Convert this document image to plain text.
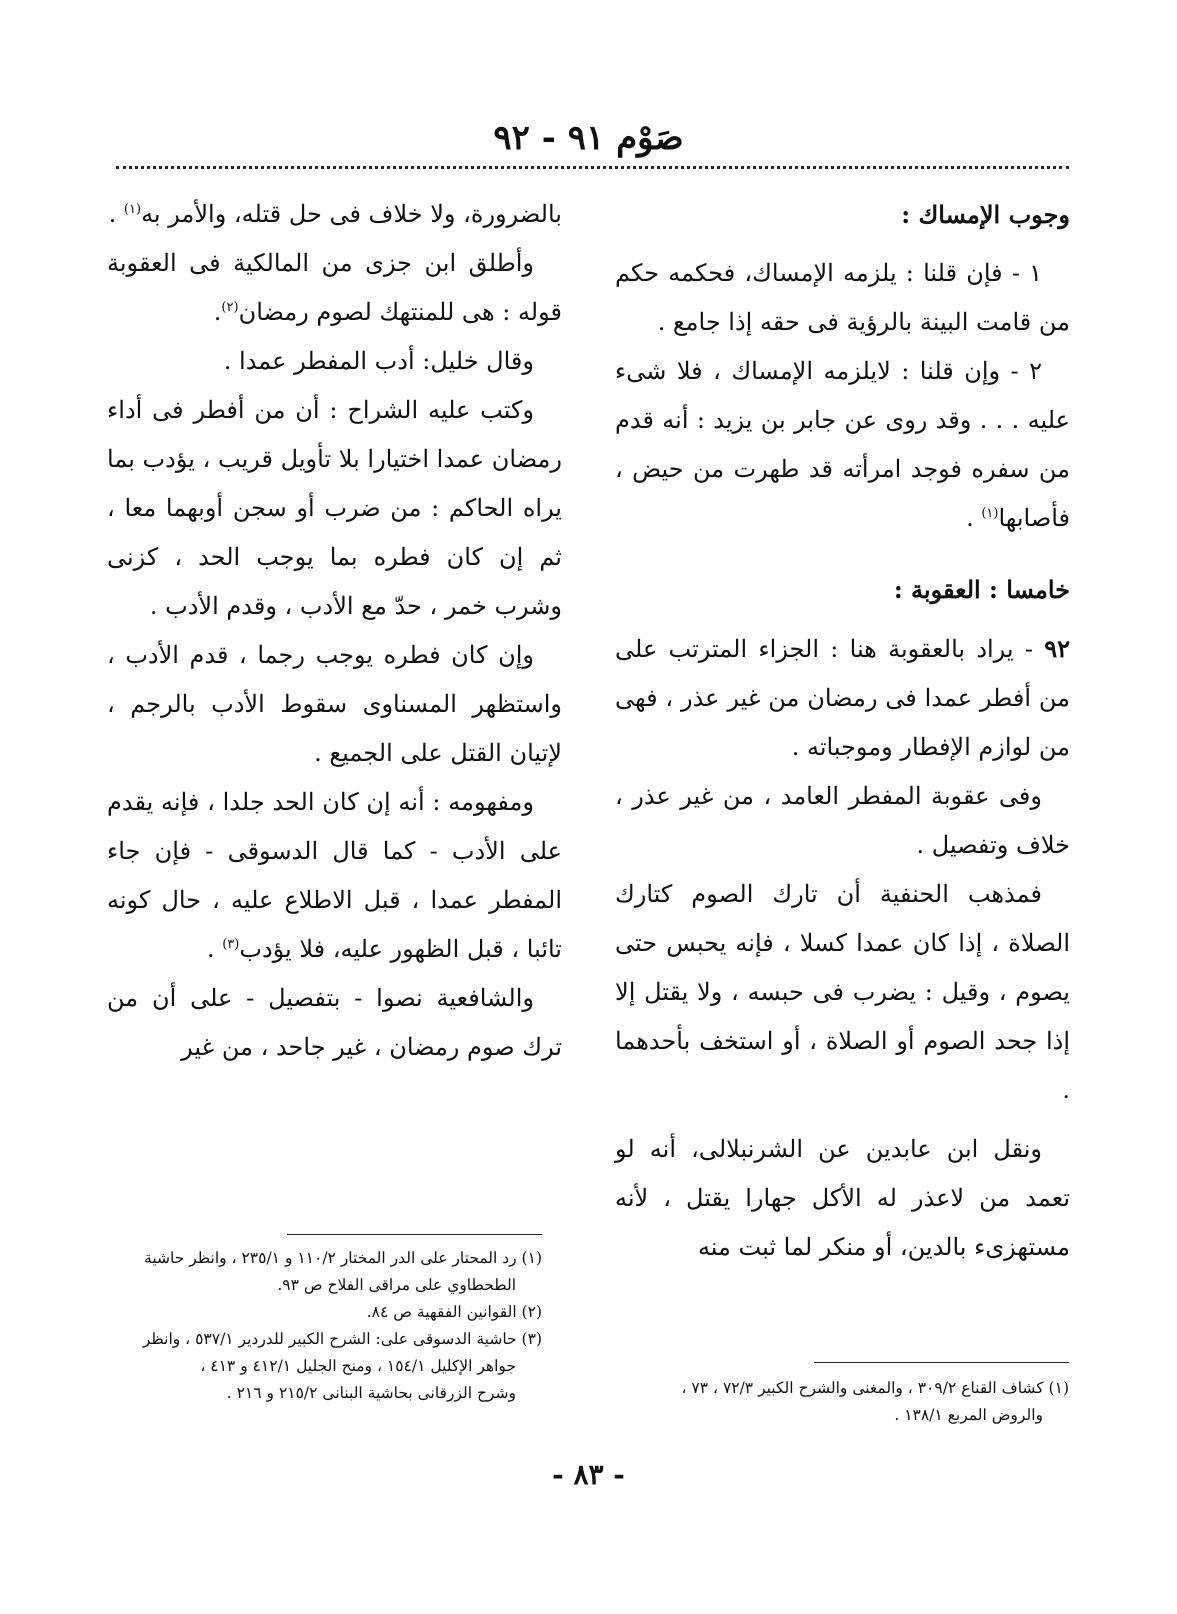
صَوْم ٩١ - ٩٢

وجوب الإمساك :

١ - فإن قلنا : يلزمه الإمساك، فحكمه حكم من قامت البينة بالرؤية فى حقه إذا جامع .

٢ - وإن قلنا : لايلزمه الإمساك ، فلا شىء عليه . . . وقد روى عن جابر بن يزيد : أنه قدم من سفره فوجد امرأته قد طهرت من حيض ، فأصابها$^{(١)}$ .

خامسا : العقوبة :

٩٢ - يراد بالعقوبة هنا : الجزاء المترتب على من أفطر عمدا فى رمضان من غير عذر ، فهى من لوازم الإفطار وموجباته .

وفى عقوبة المفطر العامد ، من غير عذر ، خلاف وتفصيل .

فمذهب الحنفية أن تارك الصوم كتارك الصلاة ، إذا كان عمدا كسلا ، فإنه يحبس حتى يصوم ، وقيل : يضرب فى حبسه ، ولا يقتل إلا إذا جحد الصوم أو الصلاة ، أو استخف بأحدهما .

ونقل ابن عابدين عن الشرنبلالى، أنه لو تعمد من لاعذر له الأكل جهارا يقتل ، لأنه مستهزىء بالدين، أو منكر لما ثبت منه

بالضرورة، ولا خلاف فى حل قتله، والأمر به$^{(١)}$ .

وأطلق ابن جزى من المالكية فى العقوبة قوله : هى للمنتهك لصوم رمضان$^{(٢)}$.

وقال خليل: أدب المفطر عمدا .

وكتب عليه الشراح : أن من أفطر فى أداء رمضان عمدا اختيارا بلا تأويل قريب ، يؤدب بما يراه الحاكم : من ضرب أو سجن أوبهما معا ، ثم إن كان فطره بما يوجب الحد ، كزنى وشرب خمر ، حدّ مع الأدب ، وقدم الأدب .

وإن كان فطره يوجب رجما ، قدم الأدب ، واستظهر المسناوى سقوط الأدب بالرجم ، لإتيان القتل على الجميع .

ومفهومه : أنه إن كان الحد جلدا ، فإنه يقدم على الأدب - كما قال الدسوقى - فإن جاء المفطر عمدا ، قبل الاطلاع عليه ، حال كونه تائبا ، قبل الظهور عليه، فلا يؤدب$^{(٣)}$ .

والشافعية نصوا - بتفصيل - على أن من ترك صوم رمضان ، غير جاحد ، من غير

(١) كشاف القناع ٣٠٩/٢ ، والمغنى والشرح الكبير ٧٢/٣ ، ٧٣ ،

والروض المربع ١٣٨/١ .

(١) رد المحتار على الدر المختار ١١٠/٢ و ٢٣٥/١ ، وانظر حاشية

الطحطاوي على مراقى الفلاح ص ٩٣.

(٢) القوانين الفقهية ص ٨٤.

(٣) حاشية الدسوقى على: الشرح الكبير للدردير ٥٣٧/١ ، وانظر

جواهر الإكليل ١٥٤/١ ، ومنح الجليل ٤١٢/١ و ٤١٣ ،

وشرح الزرقانى بحاشية البنانى ٢١٥/٢ و ٢١٦ .

- ٨٣ -
